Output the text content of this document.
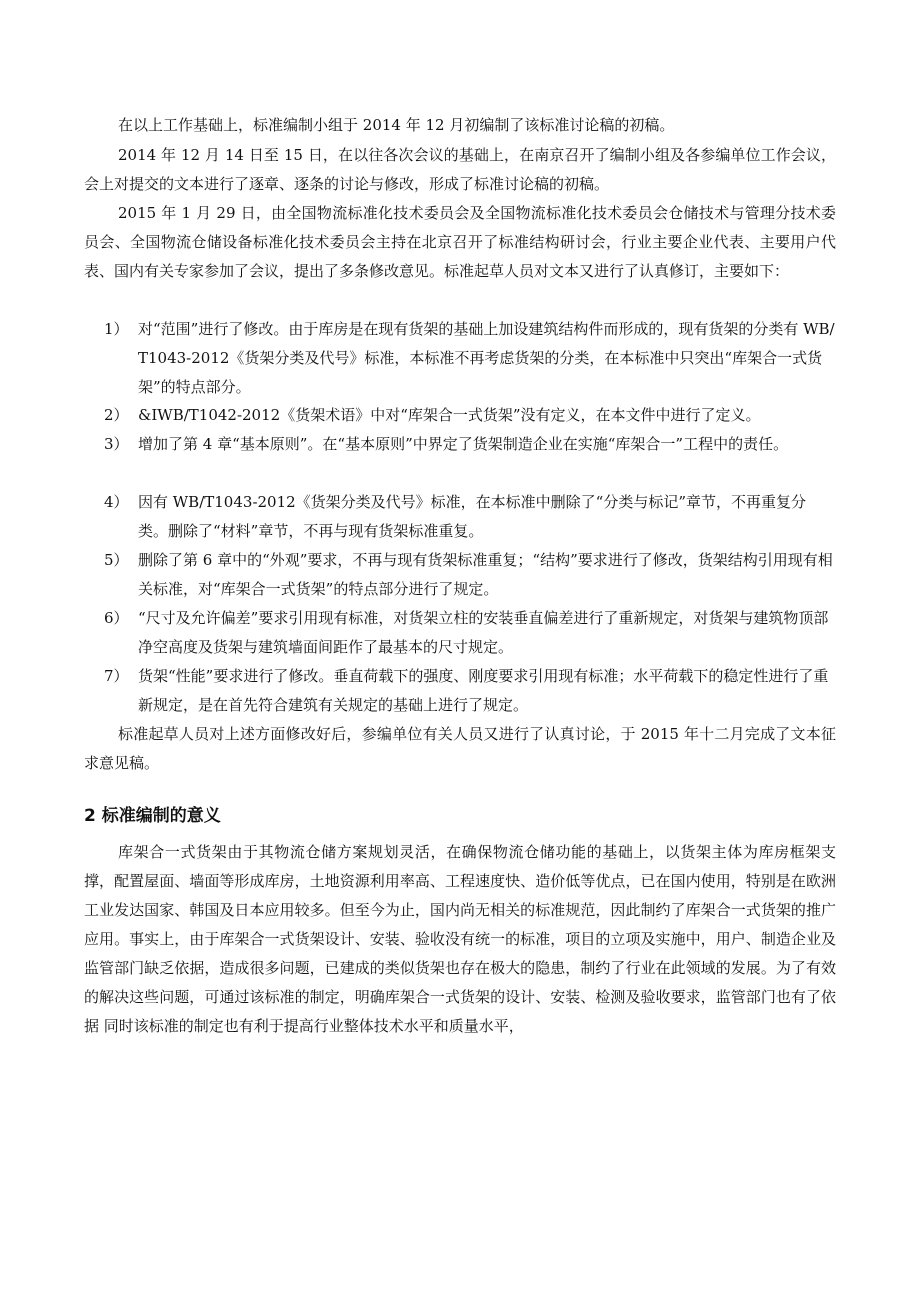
在以上工作基础上，标准编制小组于 2014 年 12 月初编制了该标准讨论稿的初稿。

2014 年 12 月 14 日至 15 日，在以往各次会议的基础上，在南京召开了编制小组及各参编单位工作会议，会上对提交的文本进行了逐章、逐条的讨论与修改，形成了标准讨论稿的初稿。

2015 年 1 月 29 日，由全国物流标准化技术委员会及全国物流标准化技术委员会仓储技术与管理分技术委员会、全国物流仓储设备标准化技术委员会主持在北京召开了标准结构研讨会，行业主要企业代表、主要用户代表、国内有关专家参加了会议，提出了多条修改意见。标准起草人员对文本又进行了认真修订，主要如下：

1） 对“范围”进行了修改。由于库房是在现有货架的基础上加设建筑结构件而形成的，现有货架的分类有 WB/T1043-2012《货架分类及代号》标准，本标准不再考虑货架的分类，在本标准中只突出“库架合一式货架”的特点部分。
2） &IWB/T1042-2012《货架术语》中对“库架合一式货架”没有定义，在本文件中进行了定义。
3） 增加了第 4 章“基本原则”。在“基本原则”中界定了货架制造企业在实施“库架合一”工程中的责任。
4） 因有 WB/T1043-2012《货架分类及代号》标准，在本标准中删除了“分类与标记”章节，不再重复分类。删除了“材料”章节，不再与现有货架标准重复。
5） 删除了第 6 章中的“外观”要求，不再与现有货架标准重复；“结构”要求进行了修改，货架结构引用现有相关标准，对“库架合一式货架”的特点部分进行了规定。
6） “尺寸及允许偏差”要求引用现有标准，对货架立柱的安装垂直偏差进行了重新规定，对货架与建筑物顶部净空高度及货架与建筑墙面间距作了最基本的尺寸规定。
7） 货架“性能”要求进行了修改。垂直荷载下的强度、刚度要求引用现有标准；水平荷载下的稳定性进行了重新规定，是在首先符合建筑有关规定的基础上进行了规定。

标准起草人员对上述方面修改好后，参编单位有关人员又进行了认真讨论，于 2015 年十二月完成了文本征求意见稿。

2 标准编制的意义

库架合一式货架由于其物流仓储方案规划灵活，在确保物流仓储功能的基础上，以货架主体为库房框架支撑，配置屋面、墙面等形成库房，土地资源利用率高、工程速度快、造价低等优点，已在国内使用，特别是在欧洲工业发达国家、韩国及日本应用较多。但至今为止，国内尚无相关的标准规范，因此制约了库架合一式货架的推广应用。事实上，由于库架合一式货架设计、安装、验收没有统一的标准，项目的立项及实施中，用户、制造企业及监管部门缺乏依据，造成很多问题，已建成的类似货架也存在极大的隐患，制约了行业在此领域的发展。为了有效的解决这些问题，可通过该标准的制定，明确库架合一式货架的设计、安装、检测及验收要求，监管部门也有了依据 同时该标准的制定也有利于提高行业整体技术水平和质量水平，
